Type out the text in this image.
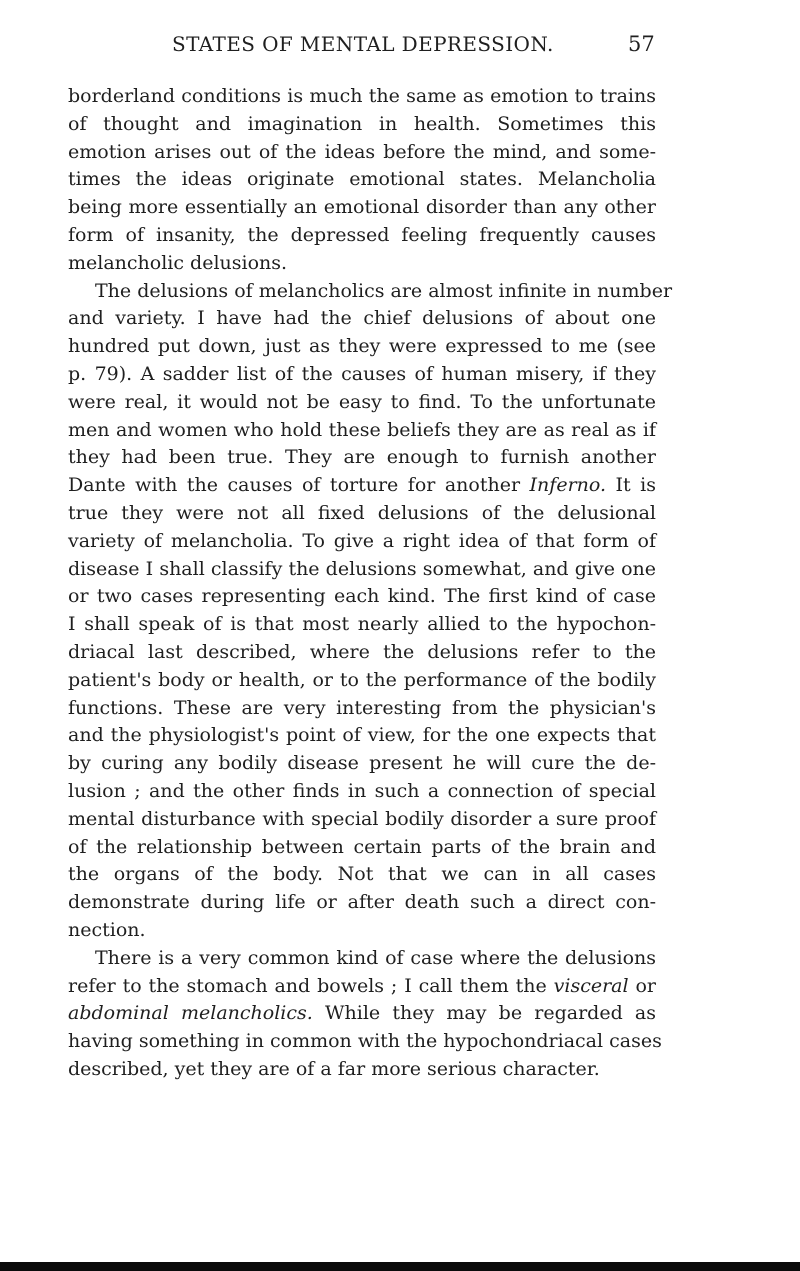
STATES OF MENTAL DEPRESSION.	57
borderland conditions is much the same as emotion to trains
of thought and imagination in health. Sometimes this
emotion arises out of the ideas before the mind, and some-
times the ideas originate emotional states. Melancholia
being more essentially an emotional disorder than any other
form of insanity, the depressed feeling frequently causes
melancholic delusions.
The delusions of melancholics are almost infinite in number
and variety. I have had the chief delusions of about one
hundred put down, just as they were expressed to me (see
p. 79). A sadder list of the causes of human misery, if they
were real, it would not be easy to find. To the unfortunate
men and women who hold these beliefs they are as real as if
they had been true. They are enough to furnish another
Dante with the causes of torture for another Inferno. It is
true they were not all fixed delusions of the delusional
variety of melancholia. To give a right idea of that form of
disease I shall classify the delusions somewhat, and give one
or two cases representing each kind. The first kind of case
I shall speak of is that most nearly allied to the hypochon-
driacal last described, where the delusions refer to the
patient's body or health, or to the performance of the bodily
functions. These are very interesting from the physician's
and the physiologist's point of view, for the one expects that
by curing any bodily disease present he will cure the de-
lusion ; and the other finds in such a connection of special
mental disturbance with special bodily disorder a sure proof
of the relationship between certain parts of the brain and
the organs of the body. Not that we can in all cases
demonstrate during life or after death such a direct con-
nection.
There is a very common kind of case where the delusions
refer to the stomach and bowels ; I call them the visceral or
abdominal melancholics. While they may be regarded as
having something in common with the hypochondriacal cases
described, yet they are of a far more serious character.
